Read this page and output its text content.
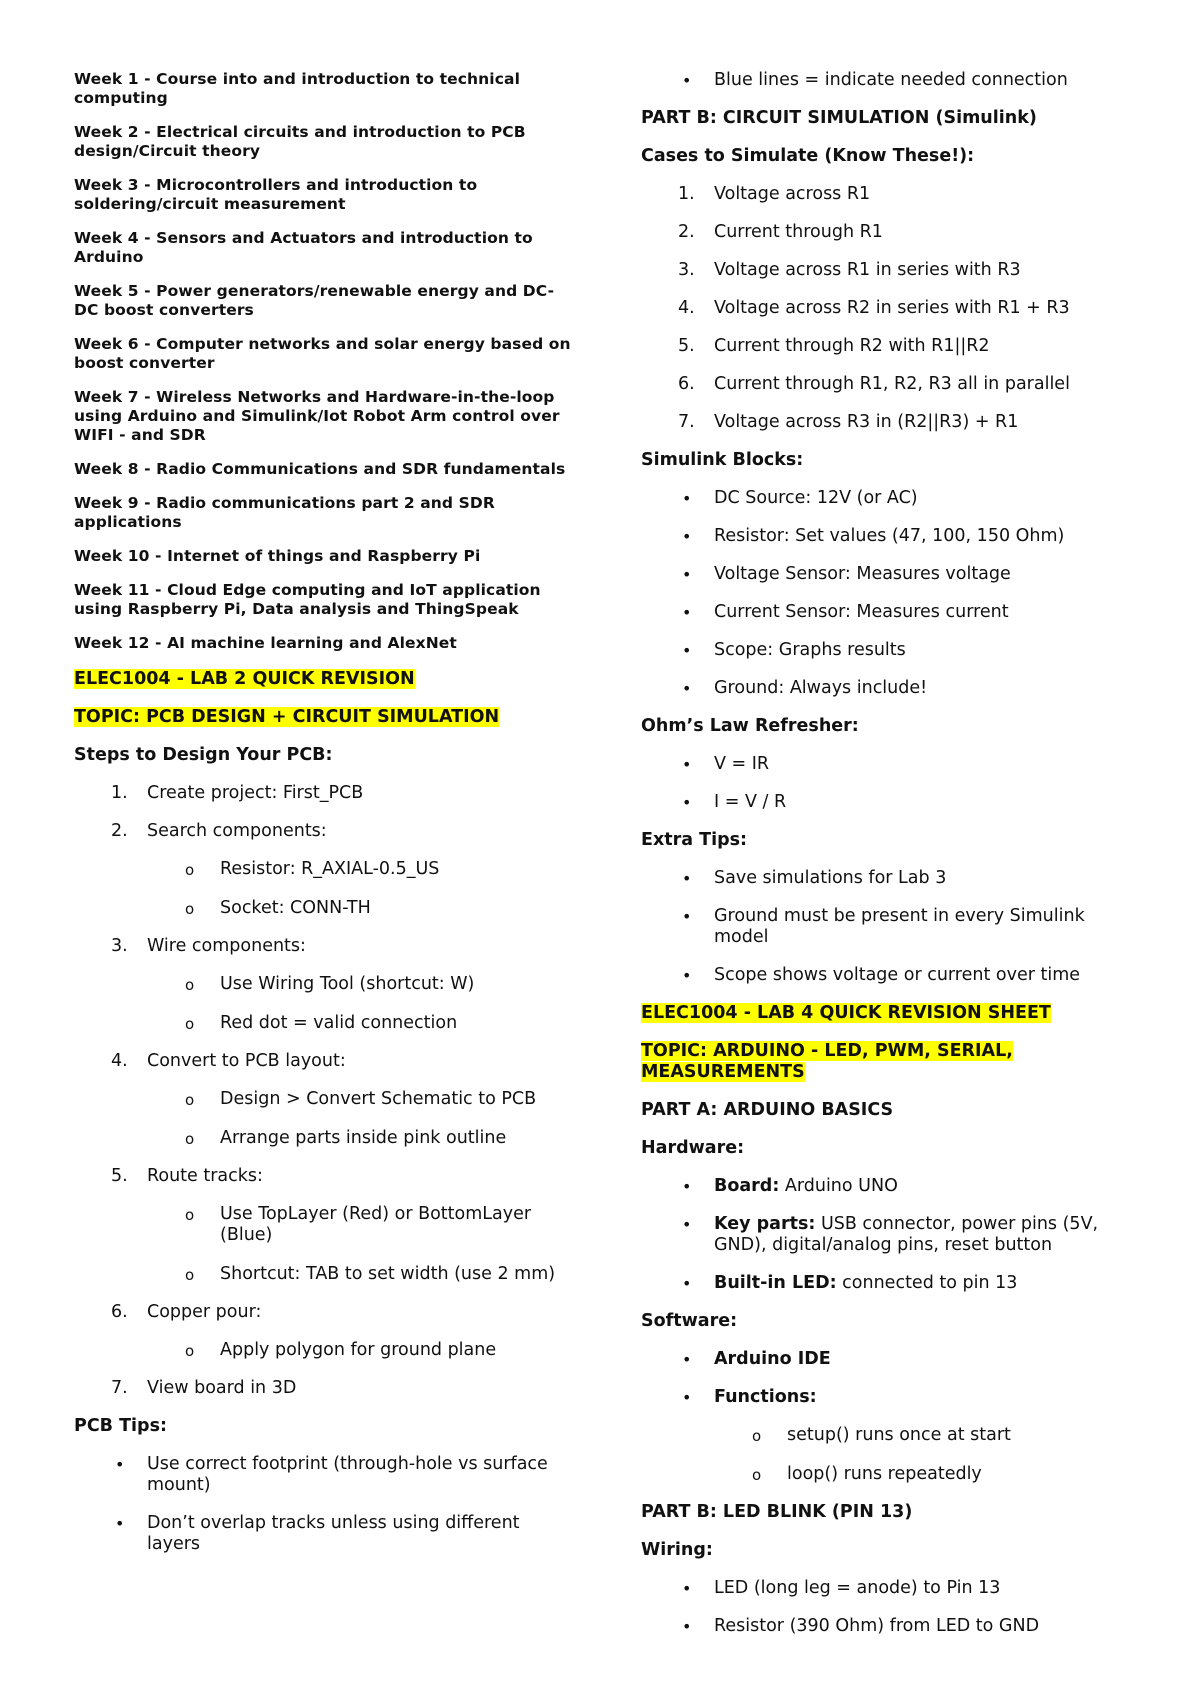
Week 1 - Course into and introduction to technical computing

Week 2 - Electrical circuits and introduction to PCB design/Circuit theory

Week 3 - Microcontrollers and introduction to soldering/circuit measurement

Week 4 - Sensors and Actuators and introduction to Arduino

Week 5 - Power generators/renewable energy and DC-DC boost converters

Week 6 - Computer networks and solar energy based on boost converter

Week 7 - Wireless Networks and Hardware-in-the-loop using Arduino and Simulink/Iot Robot Arm control over WIFI - and SDR

Week 8 - Radio Communications and SDR fundamentals

Week 9 - Radio communications part 2 and SDR applications

Week 10 - Internet of things and Raspberry Pi

Week 11 - Cloud Edge computing and IoT application using Raspberry Pi, Data analysis and ThingSpeak

Week 12 - AI machine learning and AlexNet

ELEC1004 - LAB 2 QUICK REVISION

TOPIC: PCB DESIGN + CIRCUIT SIMULATION

Steps to Design Your PCB:

1. Create project: First_PCB
2. Search components:
o Resistor: R_AXIAL-0.5_US
o Socket: CONN-TH
3. Wire components:
o Use Wiring Tool (shortcut: W)
o Red dot = valid connection
4. Convert to PCB layout:
o Design > Convert Schematic to PCB
o Arrange parts inside pink outline
5. Route tracks:
o Use TopLayer (Red) or BottomLayer (Blue)
o Shortcut: TAB to set width (use 2 mm)
6. Copper pour:
o Apply polygon for ground plane
7. View board in 3D

PCB Tips:

• Use correct footprint (through-hole vs surface mount)
• Don’t overlap tracks unless using different layers
• Blue lines = indicate needed connection

PART B: CIRCUIT SIMULATION (Simulink)

Cases to Simulate (Know These!):

1. Voltage across R1
2. Current through R1
3. Voltage across R1 in series with R3
4. Voltage across R2 in series with R1 + R3
5. Current through R2 with R1||R2
6. Current through R1, R2, R3 all in parallel
7. Voltage across R3 in (R2||R3) + R1

Simulink Blocks:

• DC Source: 12V (or AC)
• Resistor: Set values (47, 100, 150 Ohm)
• Voltage Sensor: Measures voltage
• Current Sensor: Measures current
• Scope: Graphs results
• Ground: Always include!

Ohm’s Law Refresher:

• V = IR
• I = V / R

Extra Tips:

• Save simulations for Lab 3
• Ground must be present in every Simulink model
• Scope shows voltage or current over time

ELEC1004 - LAB 4 QUICK REVISION SHEET

TOPIC: ARDUINO - LED, PWM, SERIAL, MEASUREMENTS

PART A: ARDUINO BASICS

Hardware:

• Board: Arduino UNO
• Key parts: USB connector, power pins (5V, GND), digital/analog pins, reset button
• Built-in LED: connected to pin 13

Software:

• Arduino IDE
• Functions:
o setup() runs once at start
o loop() runs repeatedly

PART B: LED BLINK (PIN 13)

Wiring:

• LED (long leg = anode) to Pin 13
• Resistor (390 Ohm) from LED to GND
